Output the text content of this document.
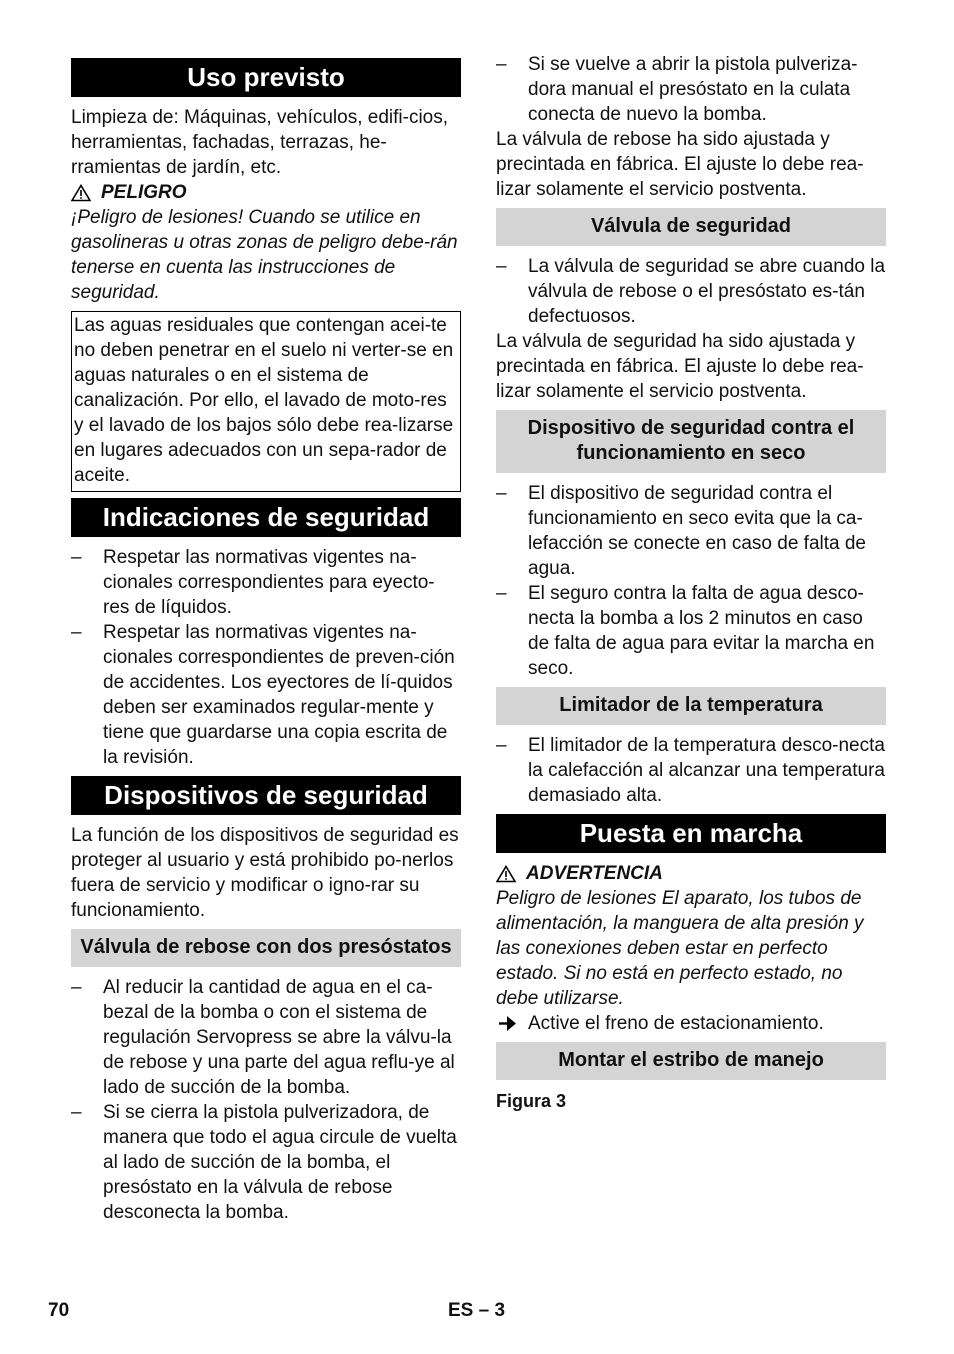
Uso previsto

Limpieza de: Máquinas, vehículos, edifi-cios, herramientas, fachadas, terrazas, he-rramientas de jardín, etc.

PELIGRO

¡Peligro de lesiones! Cuando se utilice en gasolineras u otras zonas de peligro debe-rán tenerse en cuenta las instrucciones de seguridad.

Las aguas residuales que contengan acei-te no deben penetrar en el suelo ni verter-se en aguas naturales o en el sistema de canalización. Por ello, el lavado de moto-res y el lavado de los bajos sólo debe rea-lizarse en lugares adecuados con un sepa-rador de aceite.

Indicaciones de seguridad
– Respetar las normativas vigentes na-cionales correspondientes para eyecto-res de líquidos.
– Respetar las normativas vigentes na-cionales correspondientes de preven-ción de accidentes. Los eyectores de lí-quidos deben ser examinados regular-mente y tiene que guardarse una copia escrita de la revisión.
Dispositivos de seguridad

La función de los dispositivos de seguridad es proteger al usuario y está prohibido po-nerlos fuera de servicio y modificar o igno-rar su funcionamiento.

Válvula de rebose con dos presóstatos
– Al reducir la cantidad de agua en el ca-bezal de la bomba o con el sistema de regulación Servopress se abre la válvu-la de rebose y una parte del agua reflu-ye al lado de succión de la bomba.
– Si se cierra la pistola pulverizadora, de manera que todo el agua circule de vuelta al lado de succión de la bomba, el presóstato en la válvula de rebose desconecta la bomba.
– Si se vuelve a abrir la pistola pulveriza-dora manual el presóstato en la culata conecta de nuevo la bomba.

La válvula de rebose ha sido ajustada y precintada en fábrica. El ajuste lo debe rea-lizar solamente el servicio postventa.

Válvula de seguridad
– La válvula de seguridad se abre cuando la válvula de rebose o el presóstato es-tán defectuosos.

La válvula de seguridad ha sido ajustada y precintada en fábrica. El ajuste lo debe rea-lizar solamente el servicio postventa.

Dispositivo de seguridad contra el funcionamiento en seco
– El dispositivo de seguridad contra el funcionamiento en seco evita que la ca-lefacción se conecte en caso de falta de agua.
– El seguro contra la falta de agua desco-necta la bomba a los 2 minutos en caso de falta de agua para evitar la marcha en seco.
Limitador de la temperatura
– El limitador de la temperatura desco-necta la calefacción al alcanzar una temperatura demasiado alta.
Puesta en marcha
ADVERTENCIA

Peligro de lesiones El aparato, los tubos de alimentación, la manguera de alta presión y las conexiones deben estar en perfecto estado. Si no está en perfecto estado, no debe utilizarse.

Active el freno de estacionamiento.
Montar el estribo de manejo
Figura 3
70	ES – 3
